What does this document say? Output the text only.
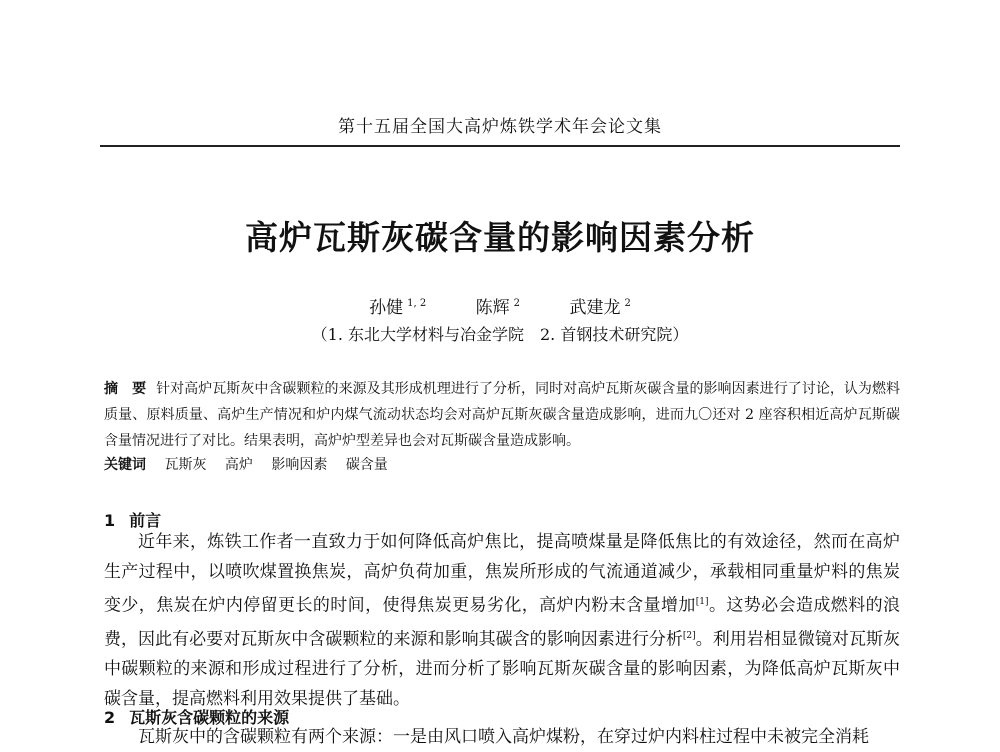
第十五届全国大高炉炼铁学术年会论文集
高炉瓦斯灰碳含量的影响因素分析
孙健 $^{1, 2}$	陈辉 $^2$	武建龙 $^2$
（1. 东北大学材料与冶金学院　2. 首钢技术研究院）
摘　要 针对高炉瓦斯灰中含碳颗粒的来源及其形成机理进行了分析，同时对高炉瓦斯灰碳含量的影响因素进行了讨论，认为燃料质量、原料质量、高炉生产情况和炉内煤气流动状态均会对高炉瓦斯灰碳含量造成影响，进而九〇还对 2 座容积相近高炉瓦斯碳含量情况进行了对比。结果表明，高炉炉型差异也会对瓦斯碳含量造成影响。
关键词 瓦斯灰 高炉 影响因素 碳含量
1 前言
近年来，炼铁工作者一直致力于如何降低高炉焦比，提高喷煤量是降低焦比的有效途径，然而在高炉生产过程中，以喷吹煤置换焦炭，高炉负荷加重，焦炭所形成的气流通道减少，承载相同重量炉料的焦炭变少，焦炭在炉内停留更长的时间，使得焦炭更易劣化，高炉内粉末含量增加[1]。这势必会造成燃料的浪费，因此有必要对瓦斯灰中含碳颗粒的来源和影响其碳含的影响因素进行分析[2]。利用岩相显微镜对瓦斯灰中碳颗粒的来源和形成过程进行了分析，进而分析了影响瓦斯灰碳含量的影响因素，为降低高炉瓦斯灰中碳含量，提高燃料利用效果提供了基础。
2 瓦斯灰含碳颗粒的来源
瓦斯灰中的含碳颗粒有两个来源：一是由风口喷入高炉煤粉，在穿过炉内料柱过程中未被完全消耗
